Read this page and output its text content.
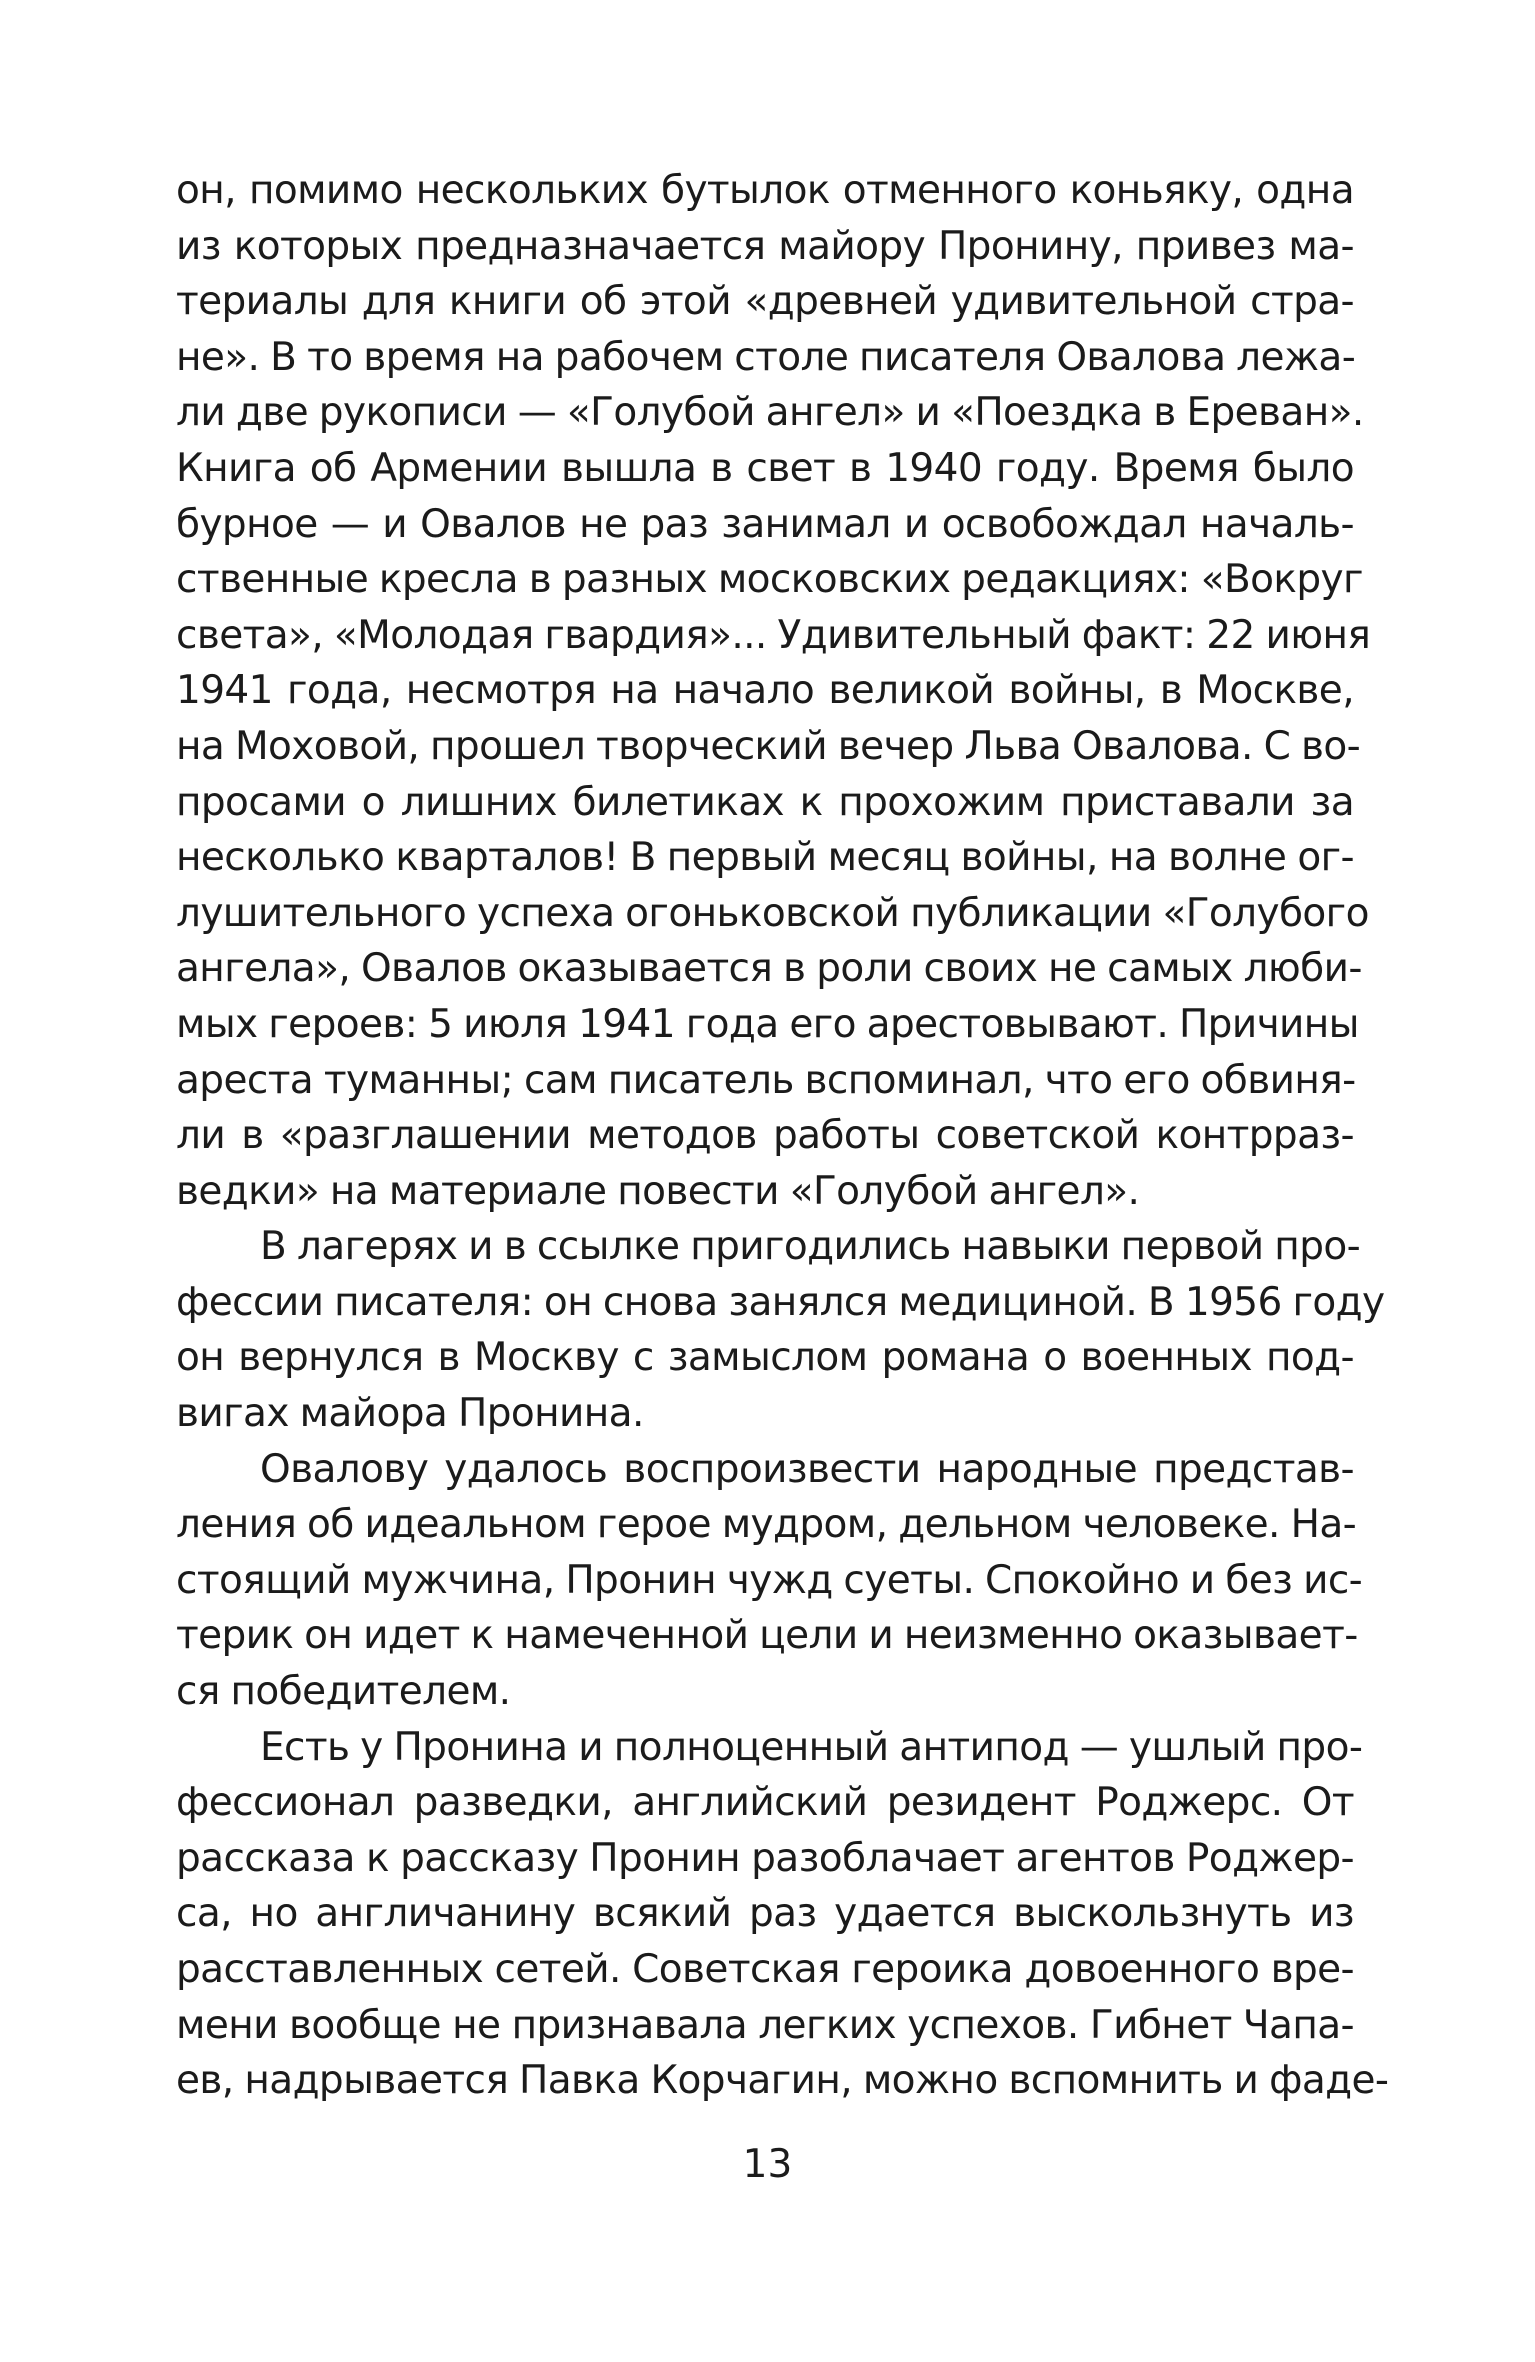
он, помимо нескольких бутылок отменного коньяку, одна
из которых предназначается майору Пронину, привез ма-
териалы для книги об этой «древней удивительной стра-
не». В то время на рабочем столе писателя Овалова лежа-
ли две рукописи — «Голубой ангел» и «Поездка в Ереван».
Книга об Армении вышла в свет в 1940 году. Время было
бурное — и Овалов не раз занимал и освобождал началь-
ственные кресла в разных московских редакциях: «Вокруг
света», «Молодая гвардия»... Удивительный факт: 22 июня
1941 года, несмотря на начало великой войны, в Москве,
на Моховой, прошел творческий вечер Льва Овалова. С во-
просами о лишних билетиках к прохожим приставали за
несколько кварталов! В первый месяц войны, на волне ог-
лушительного успеха огоньковской публикации «Голубого
ангела», Овалов оказывается в роли своих не самых люби-
мых героев: 5 июля 1941 года его арестовывают. Причины
ареста туманны; сам писатель вспоминал, что его обвиня-
ли в «разглашении методов работы советской контрраз-
ведки» на материале повести «Голубой ангел».
В лагерях и в ссылке пригодились навыки первой про-
фессии писателя: он снова занялся медициной. В 1956 году
он вернулся в Москву с замыслом романа о военных под-
вигах майора Пронина.
Овалову удалось воспроизвести народные представ-
ления об идеальном герое мудром, дельном человеке. На-
стоящий мужчина, Пронин чужд суеты. Спокойно и без ис-
терик он идет к намеченной цели и неизменно оказывает-
ся победителем.
Есть у Пронина и полноценный антипод — ушлый про-
фессионал разведки, английский резидент Роджерс. От
рассказа к рассказу Пронин разоблачает агентов Роджер-
са, но англичанину всякий раз удается выскользнуть из
расставленных сетей. Советская героика довоенного вре-
мени вообще не признавала легких успехов. Гибнет Чапа-
ев, надрывается Павка Корчагин, можно вспомнить и фаде-
13
